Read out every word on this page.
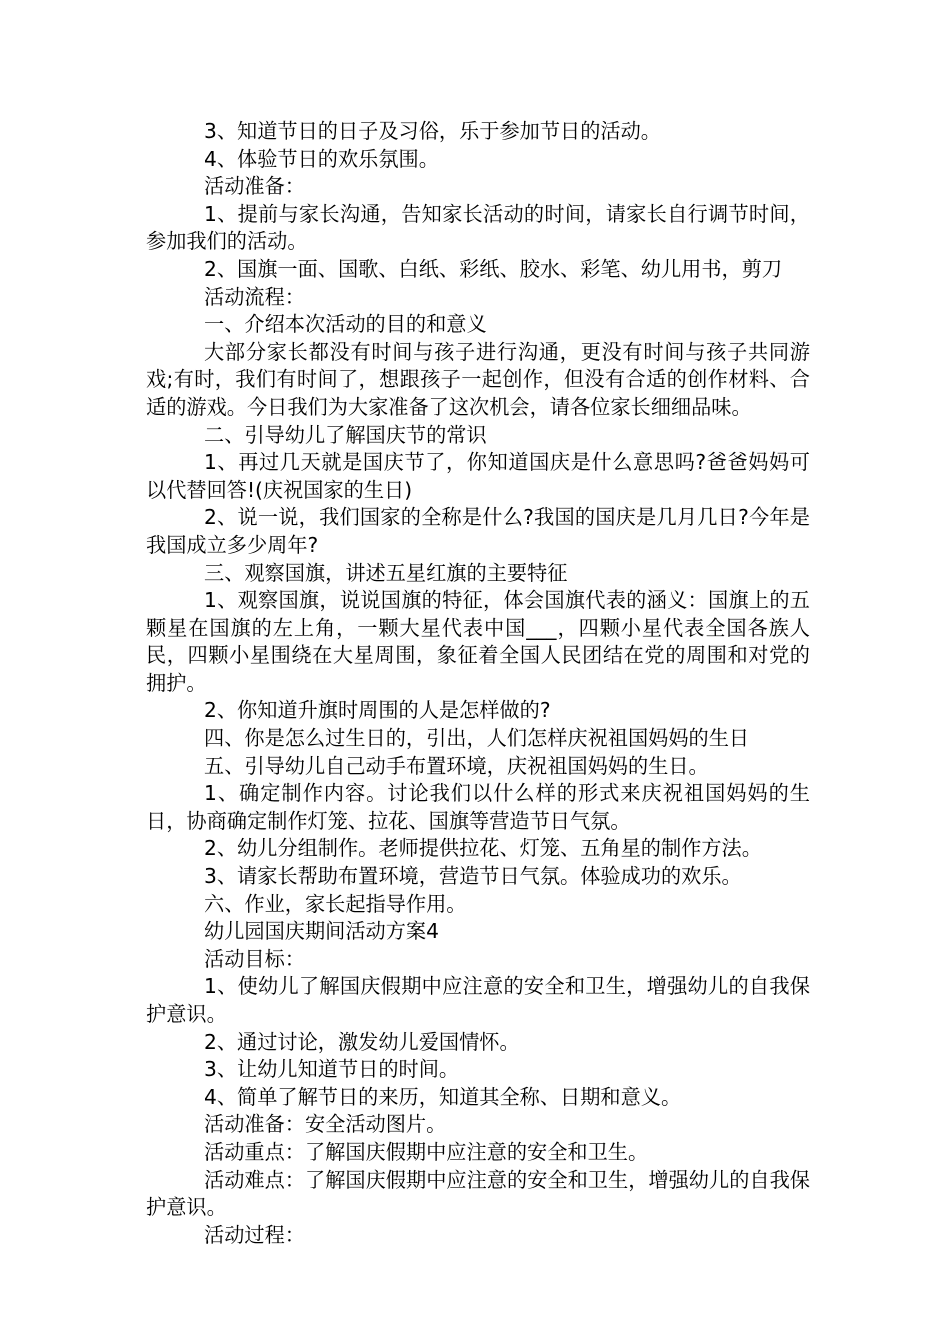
3、知道节日的日子及习俗，乐于参加节日的活动。

4、体验节日的欢乐氛围。

活动准备：

1、提前与家长沟通，告知家长活动的时间，请家长自行调节时间，参加我们的活动。

2、国旗一面、国歌、白纸、彩纸、胶水、彩笔、幼儿用书，剪刀

活动流程：

一、介绍本次活动的目的和意义

大部分家长都没有时间与孩子进行沟通，更没有时间与孩子共同游戏;有时，我们有时间了，想跟孩子一起创作，但没有合适的创作材料、合适的游戏。今日我们为大家准备了这次机会，请各位家长细细品味。

二、引导幼儿了解国庆节的常识

1、再过几天就是国庆节了，你知道国庆是什么意思吗?爸爸妈妈可以代替回答!(庆祝国家的生日)

2、说一说，我们国家的全称是什么?我国的国庆是几月几日?今年是我国成立多少周年?

三、观察国旗，讲述五星红旗的主要特征

1、观察国旗，说说国旗的特征，体会国旗代表的涵义：国旗上的五颗星在国旗的左上角，一颗大星代表中国___，四颗小星代表全国各族人民，四颗小星围绕在大星周围，象征着全国人民团结在党的周围和对党的拥护。

2、你知道升旗时周围的人是怎样做的?

四、你是怎么过生日的，引出，人们怎样庆祝祖国妈妈的生日

五、引导幼儿自己动手布置环境，庆祝祖国妈妈的生日。

1、确定制作内容。讨论我们以什么样的形式来庆祝祖国妈妈的生日，协商确定制作灯笼、拉花、国旗等营造节日气氛。

2、幼儿分组制作。老师提供拉花、灯笼、五角星的制作方法。

3、请家长帮助布置环境，营造节日气氛。体验成功的欢乐。

六、作业，家长起指导作用。

幼儿园国庆期间活动方案4

活动目标：

1、使幼儿了解国庆假期中应注意的安全和卫生，增强幼儿的自我保护意识。

2、通过讨论，激发幼儿爱国情怀。

3、让幼儿知道节日的时间。

4、简单了解节日的来历，知道其全称、日期和意义。

活动准备：安全活动图片。

活动重点：了解国庆假期中应注意的安全和卫生。

活动难点：了解国庆假期中应注意的安全和卫生，增强幼儿的自我保护意识。

活动过程：
